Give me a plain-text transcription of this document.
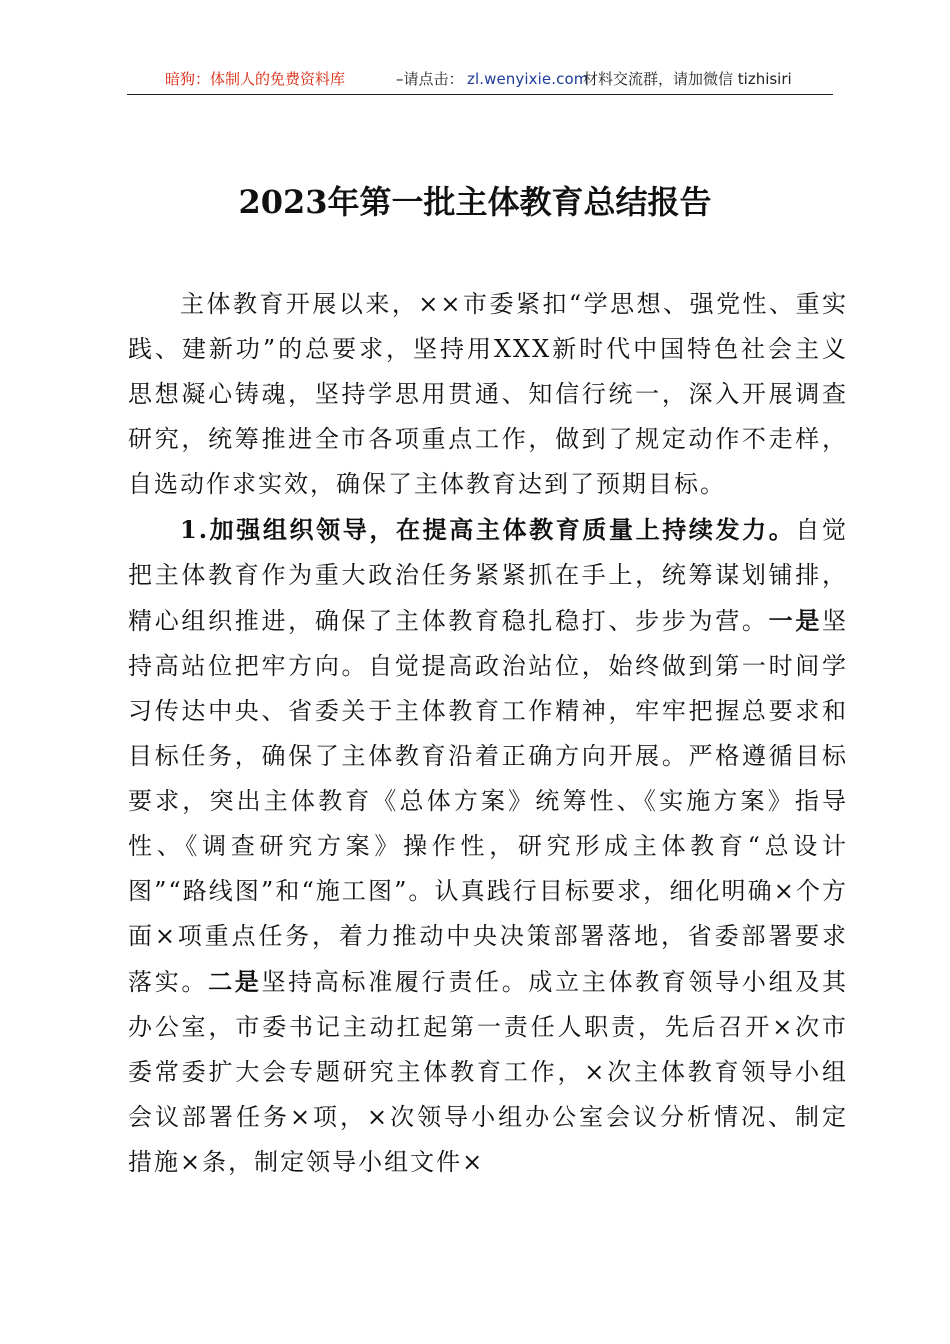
暗狗：体制人的免费资料库	–请点击： zl.wenyixie.com
材料交流群，请加微信 tizhisiri
2023年第一批主体教育总结报告

主体教育开展以来，××市委紧扣“学思想、强党性、重实践、建新功”的总要求，坚持用XXX新时代中国特色社会主义思想凝心铸魂，坚持学思用贯通、知信行统一，深入开展调查研究，统筹推进全市各项重点工作，做到了规定动作不走样，自选动作求实效，确保了主体教育达到了预期目标。

1.加强组织领导，在提高主体教育质量上持续发力。自觉把主体教育作为重大政治任务紧紧抓在手上，统筹谋划铺排，精心组织推进，确保了主体教育稳扎稳打、步步为营。一是坚持高站位把牢方向。自觉提高政治站位，始终做到第一时间学习传达中央、省委关于主体教育工作精神，牢牢把握总要求和目标任务，确保了主体教育沿着正确方向开展。严格遵循目标要求，突出主体教育《总体方案》统筹性、《实施方案》指导性、《调查研究方案》操作性，研究形成主体教育“总设计图”“路线图”和“施工图”。认真践行目标要求，细化明确×个方面×项重点任务，着力推动中央决策部署落地，省委部署要求落实。二是坚持高标准履行责任。成立主体教育领导小组及其办公室，市委书记主动扛起第一责任人职责，先后召开×次市委常委扩大会专题研究主体教育工作，×次主体教育领导小组会议部署任务×项，×次领导小组办公室会议分析情况、制定措施×条，制定领导小组文件×
